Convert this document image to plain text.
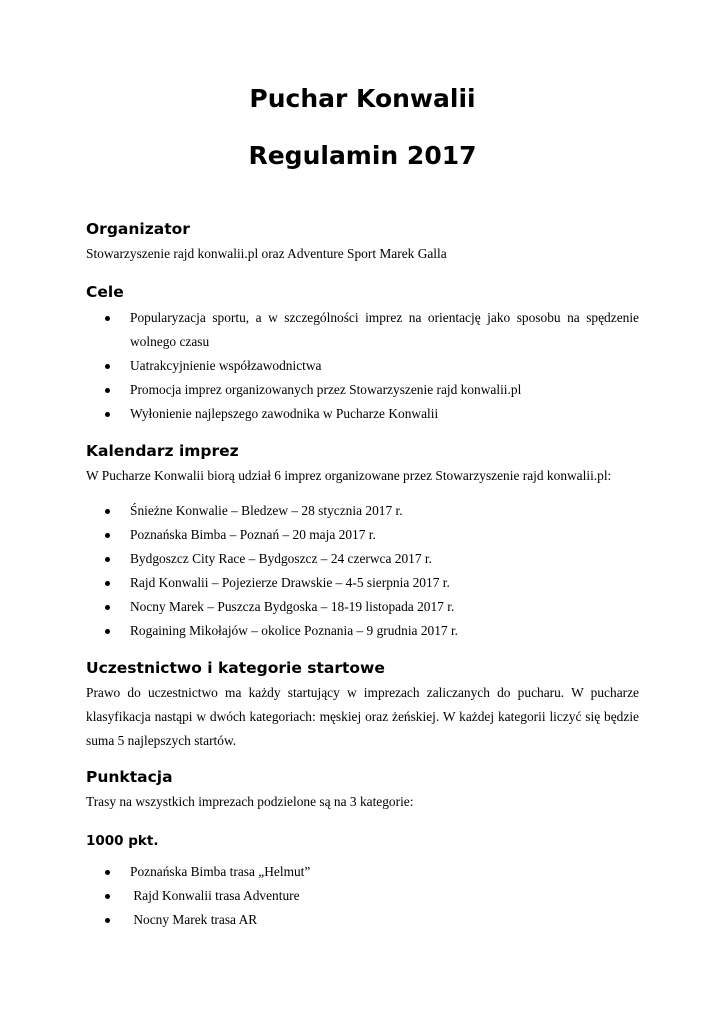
Puchar Konwalii
Regulamin 2017
Organizator

Stowarzyszenie rajd konwalii.pl oraz Adventure Sport Marek Galla

Cele

Popularyzacja sportu, a w szczególności imprez na orientację jako sposobu na spędzenie wolnego czasu

Uatrakcyjnienie współzawodnictwa

Promocja imprez organizowanych przez Stowarzyszenie rajd konwalii.pl

Wyłonienie najlepszego zawodnika w Pucharze Konwalii

Kalendarz imprez

W Pucharze Konwalii biorą udział 6 imprez organizowane przez Stowarzyszenie rajd konwalii.pl:

Śnieżne Konwalie – Bledzew – 28 stycznia 2017 r.

Poznańska Bimba – Poznań – 20 maja 2017 r.

Bydgoszcz City Race – Bydgoszcz – 24 czerwca 2017 r.

Rajd Konwalii – Pojezierze Drawskie – 4-5 sierpnia 2017 r.

Nocny Marek – Puszcza Bydgoska – 18-19 listopada 2017 r.

Rogaining Mikołajów – okolice Poznania – 9 grudnia 2017 r.

Uczestnictwo i kategorie startowe

Prawo do uczestnictwo ma każdy startujący w imprezach zaliczanych do pucharu. W pucharze klasyfikacja nastąpi w dwóch kategoriach: męskiej oraz żeńskiej. W każdej kategorii liczyć się będzie suma 5 najlepszych startów.

Punktacja

Trasy na wszystkich imprezach podzielone są na 3 kategorie:

1000 pkt.

Poznańska Bimba trasa „Helmut”

Rajd Konwalii trasa Adventure

Nocny Marek trasa AR
